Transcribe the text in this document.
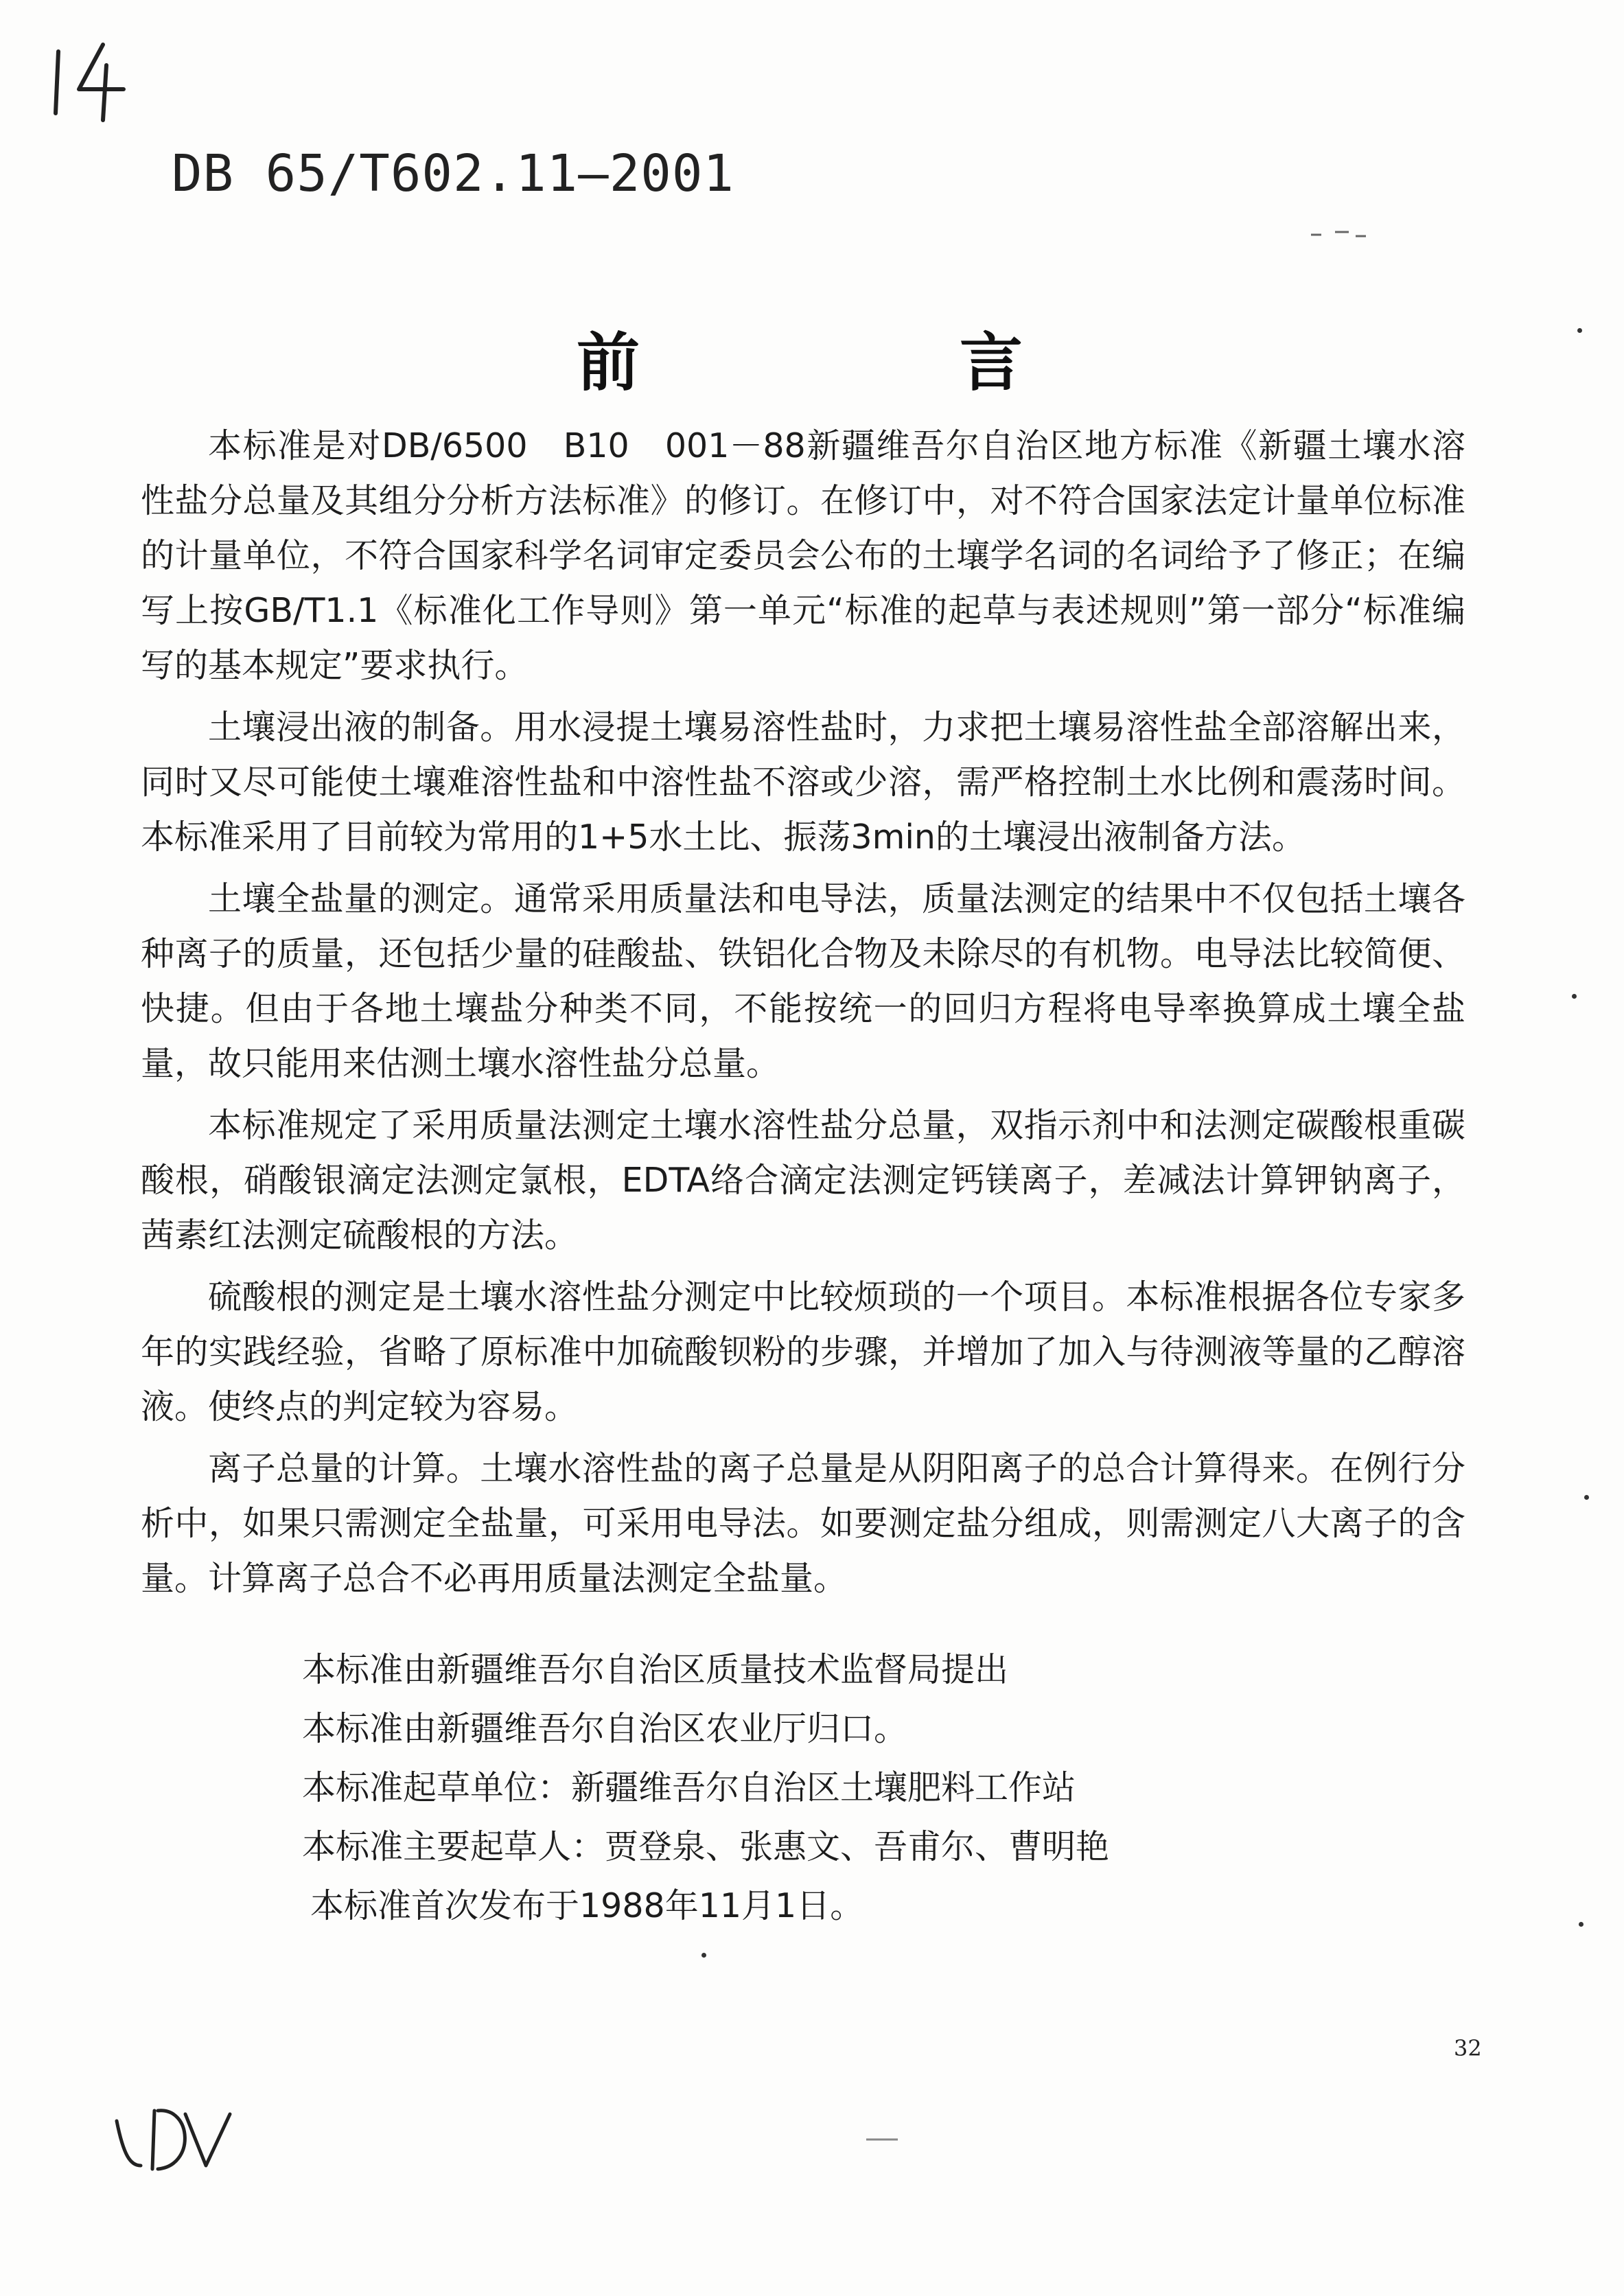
DB 65/T602.11—2001
前	言

本标准是对DB/6500　B10　001－88新疆维吾尔自治区地方标准《新疆土壤水溶性盐分总量及其组分分析方法标准》的修订。在修订中，对不符合国家法定计量单位标准的计量单位，不符合国家科学名词审定委员会公布的土壤学名词的名词给予了修正；在编写上按GB/T1.1《标准化工作导则》第一单元“标准的起草与表述规则”第一部分“标准编写的基本规定”要求执行。

土壤浸出液的制备。用水浸提土壤易溶性盐时，力求把土壤易溶性盐全部溶解出来，同时又尽可能使土壤难溶性盐和中溶性盐不溶或少溶，需严格控制土水比例和震荡时间。本标准采用了目前较为常用的1+5水土比、振荡3min的土壤浸出液制备方法。

土壤全盐量的测定。通常采用质量法和电导法，质量法测定的结果中不仅包括土壤各种离子的质量，还包括少量的硅酸盐、铁铝化合物及未除尽的有机物。电导法比较简便、快捷。但由于各地土壤盐分种类不同，不能按统一的回归方程将电导率换算成土壤全盐量，故只能用来估测土壤水溶性盐分总量。

本标准规定了采用质量法测定土壤水溶性盐分总量，双指示剂中和法测定碳酸根重碳酸根，硝酸银滴定法测定氯根，EDTA络合滴定法测定钙镁离子，差减法计算钾钠离子，茜素红法测定硫酸根的方法。

硫酸根的测定是土壤水溶性盐分测定中比较烦琐的一个项目。本标准根据各位专家多年的实践经验，省略了原标准中加硫酸钡粉的步骤，并增加了加入与待测液等量的乙醇溶液。使终点的判定较为容易。

离子总量的计算。土壤水溶性盐的离子总量是从阴阳离子的总合计算得来。在例行分析中，如果只需测定全盐量，可采用电导法。如要测定盐分组成，则需测定八大离子的含量。计算离子总合不必再用质量法测定全盐量。

本标准由新疆维吾尔自治区质量技术监督局提出

本标准由新疆维吾尔自治区农业厅归口。

本标准起草单位：新疆维吾尔自治区土壤肥料工作站

本标准主要起草人：贾登泉、张惠文、吾甫尔、曹明艳

本标准首次发布于1988年11月1日。

32
